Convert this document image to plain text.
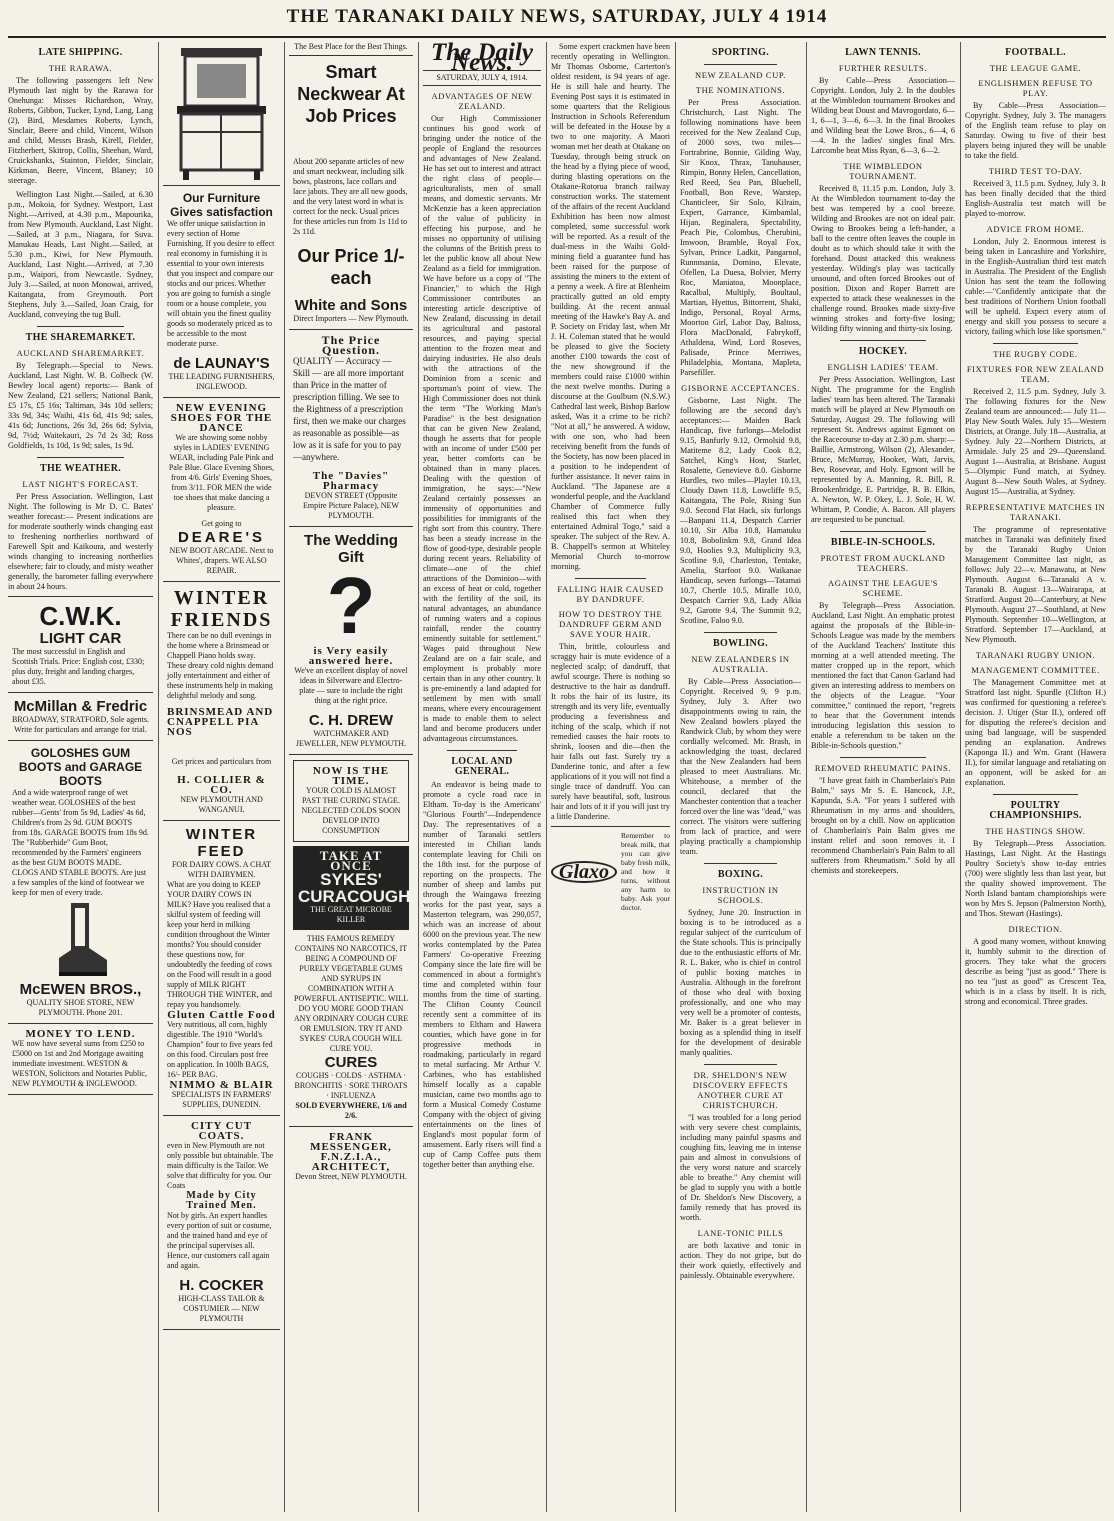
THE TARANAKI DAILY NEWS, SATURDAY, JULY 4 1914
LATE SHIPPING.
THE RARAWA.

The following passengers left New Plymouth last night by the Rarawa for Onehunga: Misses Richardson, Wray, Roberts, Gibbon, Tucker, Lynd, Lang, Lang (2), Bird, Mesdames Roberts, Lynch, Sinclair, Beere and child, Vincent, Wilson and child, Messrs Brash, Kirell, Fielder, Fitzherbert, Skitrop, Collis, Sheehan, Ward, Cruickshanks, Stainton, Fielder, Sinclair, Kirkman, Beere, Vincent, Blaney; 10 steerage.

Wellington Last Night.—Sailed, at 6.30 p.m., Mokoia, for Sydney. Westport, Last Night.—Arrived, at 4.30 p.m., Mapourika, from New Plymouth. Auckland, Last Night.—Sailed, at 3 p.m., Niagara, for Suva. Manukau Heads, Last Night.—Sailed, at 5.30 p.m., Kiwi, for New Plymouth. Auckland, Last Night.—Arrived, at 7.30 p.m., Waipori, from Newcastle. Sydney, July 3.—Sailed, at noon Monowai, arrived, Kaitangata, from Greymouth. Port Stephens, July 3.—Sailed, Joan Craig, for Auckland, conveying the tug Bull.

THE SHAREMARKET.
AUCKLAND SHAREMARKET.

By Telegraph.—Special to News. Auckland, Last Night. W. B. Colbeck (W. Bewley local agent) reports:— Bank of New Zealand, £21 sellers; National Bank, £5 17s, £5 16s; Taltiman, 34s 10d sellers; 33s 9d, 34s; Waihi, 41s 6d, 41s 9d; sales, 41s 6d; Junctions, 26s 3d, 26s 6d; Sylvia, 9d, 7½d; Waitekauri, 2s 7d 2s 3d; Ross Goldfields, 1s 10d, 1s 9d; sales, 1s 9d.

THE WEATHER.
LAST NIGHT'S FORECAST.

Per Press Association. Wellington, Last Night. The following is Mr D. C. Bates' weather forecast:— Present indications are for moderate southerly winds changing east to freshening northerlies northward of Farewell Spit and Kaikoura, and westerly winds changing to increasing northerlies elsewhere; fair to cloudy, and misty weather generally, the barometer falling everywhere in about 24 hours.

C.W.K.
LIGHT CAR
The most successful in English and Scottish Trials. Price: English cost, £330; plus duty, freight and landing charges, about £35.
McMillan & Fredric
BROADWAY, STRATFORD, Sole agents. Write for particulars and arrange for trial.
GOLOSHES GUM BOOTS and GARAGE BOOTS
And a wide waterproof range of wet weather wear. GOLOSHES of the best rubber—Gents' from 5s 9d, Ladies' 4s 6d, Children's from 2s 9d. GUM BOOTS from 18s. GARAGE BOOTS from 18s 9d. The "Rubberhide" Gum Boot, recommended by the Farmers' engineers as the best GUM BOOTS MADE. CLOGS AND STABLE BOOTS. Are just a few samples of the kind of footwear we keep for men of every trade.
McEWEN BROS.,
QUALITY SHOE STORE, NEW PLYMOUTH. Phone 201.
MONEY TO LEND.
WE now have several sums from £250 to £5000 on 1st and 2nd Mortgage awaiting immediate investment. WESTON & WESTON, Solicitors and Notaries Public, NEW PLYMOUTH & INGLEWOOD.
Our Furniture Gives satisfaction
We offer unique satisfaction in every section of Home Furnishing. If you desire to effect real economy in furnishing it is essential to your own interests that you inspect and compare our stocks and our prices. Whether you are going to furnish a single room or a house complete, you will obtain you the finest quality goods so moderately priced as to be accessible to the most moderate purse.
de LAUNAY'S
THE LEADING FURNISHERS, INGLEWOOD.
NEW EVENING SHOES FOR THE DANCE
We are showing some nobby styles in LADIES' EVENING WEAR, including Pale Pink and Pale Blue. Glace Evening Shoes, from 4/6. Girls' Evening Shoes, from 3/11. FOR MEN the wide toe shoes that make dancing a pleasure.
Get going to
DEARE'S
NEW BOOT ARCADE. Next to Whites', drapers. WE ALSO REPAIR.
WINTER FRIENDS
There can be no dull evenings in the home where a Brinsmead or Chappell Piano holds sway. These dreary cold nights demand jolly entertainment and either of these instruments help in making delightful melody and song.
BRINSMEAD AND CNAPPELL PIA NOS
Get prices and particulars from
H. COLLIER & CO.
NEW PLYMOUTH AND WANGANUI.
WINTER FEED
FOR DAIRY COWS. A CHAT WITH DAIRYMEN.
What are you doing to KEEP YOUR DAIRY COWS IN MILK? Have you realised that a skilful system of feeding will keep your herd in milking condition throughout the Winter months? You should consider these questions now, for undoubtedly the feeding of cows on the Food will result in a good supply of MILK RIGHT THROUGH THE WINTER, and repay you handsomely.
Gluten Cattle Food
Very nutritious, all corn, highly digestible. The 1910 "World's Champion" four to five years fed on this food. Circulars post free on application. In 100lb BAGS, 16/- PER BAG.
NIMMO & BLAIR
SPECIALISTS IN FARMERS' SUPPLIES, DUNEDIN.
CITY CUT COATS.
even in New Plymouth are not only possible but obtainable. The main difficulty is the Tailor. We solve that difficulty for you. Our Coats
Made by City Trained Men.
Not by girls. An expert handles every portion of suit or costume, and the trained hand and eye of the principal supervises all. Hence, our customers call again and again.
H. COCKER
HIGH-CLASS TAILOR & COSTUMIER — NEW PLYMOUTH
The Best Place for the Best Things.
Smart Neckwear At Job Prices
About 200 separate articles of new and smart neckwear, including silk bows, plastrons, lace collars and lace jabots. They are all new goods, and the very latest word in what is correct for the neck. Usual prices for these articles run from 1s 11d to 2s 11d.
Our Price 1/- each
White and Sons
Direct Importers — New Plymouth.
The Price Question.
QUALITY — Accuracy — Skill — are all more important than Price in the matter of prescription filling. We see to the Rightness of a prescription first, then we make our charges as reasonable as possible—as low as it is safe for you to pay—anywhere.
The "Davies" Pharmacy
DEVON STREET (Opposite Empire Picture Palace), NEW PLYMOUTH.
The Wedding Gift
?
is Very easily answered here.
We've an excellent display of novel ideas in Silverware and Electro-plate — sure to include the right thing at the right price.
C. H. DREW
WATCHMAKER AND JEWELLER, NEW PLYMOUTH.
NOW IS THE TIME.
YOUR COLD IS ALMOST PAST THE CURING STAGE. NEGLECTED COLDS SOON DEVELOP INTO CONSUMPTION
TAKE AT ONCE
SYKES' CURACOUGH
THE GREAT MICROBE KILLER
THIS FAMOUS REMEDY CONTAINS NO NARCOTICS, IT BEING A COMPOUND OF PURELY VEGETABLE GUMS AND SYRUPS IN COMBINATION WITH A POWERFUL ANTISEPTIC. WILL DO YOU MORE GOOD THAN ANY ORDINARY COUGH CURE OR EMULSION. TRY IT AND SYKES' CURA COUGH WILL CURE YOU.
CURES
COUGHS · COLDS · ASTHMA · BRONCHITIS · SORE THROATS · INFLUENZA
SOLD EVERYWHERE, 1/6 and 2/6.
FRANK MESSENGER, F.N.Z.I.A., ARCHITECT,
Devon Street, NEW PLYMOUTH.
The Daily News.
SATURDAY, JULY 4, 1914.
ADVANTAGES OF NEW ZEALAND.

Our High Commissioner continues his good work of bringing under the notice of the people of England the resources and advantages of New Zealand. He has set out to interest and attract the right class of people—agriculturalists, men of small means, and domestic servants. Mr McKenzie has a keen appreciation of the value of publicity in effecting his purpose, and he misses no opportunity of utilising the columns of the British press to let the public know all about New Zealand as a field for immigration. We have before us a copy of "The Financier," to which the High Commissioner contributes an interesting article descriptive of New Zealand, discussing in detail its agricultural and pastoral resources, and paying special attention to the frozen meat and dairying industries. He also deals with the attractions of the Dominion from a scenic and sportsman's point of view. The High Commissioner does not think the term "The Working Man's Paradise" is the best designation that can be given New Zealand, though he asserts that for people with an income of under £500 per year, better comforts can be obtained than in many places. Dealing with the question of immigration, he says:—"New Zealand certainly possesses an immensity of opportunities and possibilities for immigrants of the right sort from this country. There has been a steady increase in the flow of good-type, desirable people during recent years. Reliability of climate—one of the chief attractions of the Dominion—with an excess of heat or cold, together with the fertility of the soil, its natural advantages, an abundance of running waters and a copious rainfall, render the country eminently suitable for settlement." Wages paid throughout New Zealand are on a fair scale, and employment is probably more certain than in any other country. It is pre-eminently a land adapted for settlement by men with small means, where every encouragement is made to enable them to select land and become producers under advantageous circumstances.

LOCAL AND GENERAL.

An endeavor is being made to promote a cycle road race in Eltham. To-day is the Americans' "Glorious Fourth"—Independence Day. The representatives of a number of Taranaki settlers interested in Chilian lands contemplate leaving for Chili on the 18th inst. for the purpose of reporting on the prospects. The number of sheep and lambs put through the Waingawa freezing works for the past year, says a Masterton telegram, was 290,057, which was an increase of about 6000 on the previous year. The new works contemplated by the Patea Farmers' Co-operative Freezing Company since the late fire will be commenced in about a fortnight's time and completed within four months from the time of starting. The Clifton County Council recently sent a committee of its members to Eltham and Hawera counties, which have gone in for progressive methods in roadmaking, particularly in regard to metal surfacing. Mr Arthur V. Carbines, who has established himself locally as a capable musician, came two months ago to form a Musical Comedy Costume Company with the object of giving entertainments on the lines of England's most popular form of amusement. Early risers will find a cup of Camp Coffee puts them together better than anything else.

Some expert crackmen have been recently operating in Wellington. Mr Thomas Osborne, Carterton's oldest resident, is 94 years of age. He is still hale and hearty. The Evening Post says it is estimated in some quarters that the Religious Instruction in Schools Referendum will be defeated in the House by a two to one majority. A Maori woman met her death at Otakane on Tuesday, through being struck on the head by a flying piece of wood, during blasting operations on the Otakane-Rotorua branch railway construction works. The statement of the affairs of the recent Auckland Exhibition has been now almost completed, some successful work will be reported. As a result of the dual-mess in the Waihi Gold-mining field a guarantee fund has been raised for the purpose of assisting the miners to the extent of a penny a week. A fire at Blenheim practically gutted an old empty building. At the recent annual meeting of the Hawke's Bay A. and P. Society on Friday last, when Mr J. H. Coleman stated that he would be pleased to give the Society another £100 towards the cost of the new showground if the members could raise £1000 within the next twelve months. During a discourse at the Goulburn (N.S.W.) Cathedral last week, Bishop Barlow asked, Was it a crime to be rich? "Not at all," he answered. A widow, with one son, who had been receiving benefit from the funds of the Society, has now been placed in a position to be independent of further assistance. It never rains in Auckland. "The Japanese are a wonderful people, and the Auckland Chamber of Commerce fully realised this fact when they entertained Admiral Togo," said a speaker. The subject of the Rev. A. B. Chappell's sermon at Whiteley Memorial Church to-morrow morning.

FALLING HAIR CAUSED BY DANDRUFF.
HOW TO DESTROY THE DANDRUFF GERM AND SAVE YOUR HAIR.

Thin, brittle, colourless and scraggy hair is mute evidence of a neglected scalp; of dandruff, that awful scourge. There is nothing so destructive to the hair as dandruff. It robs the hair of its lustre, its strength and its very life, eventually producing a feverishness and itching of the scalp, which if not remedied causes the hair roots to shrink, loosen and die—then the hair falls out fast. Surely try a Danderine tonic, and after a few applications of it you will not find a single trace of dandruff. You can surely have beautiful, soft, lustrous hair and lots of it if you will just try a little Danderine.

Glaxo
Remember to break milk, that you can give baby fresh milk, and how it turns, without any harm to baby. Ask your doctor.
SPORTING.
NEW ZEALAND CUP.
THE NOMINATIONS.

Per Press Association. Christchurch, Last Night. The following nominations have been received for the New Zealand Cup, of 2000 sovs, two miles—Fortrabrine, Bonnie, Gilding Way, Sir Knox, Thrax, Tanuhauser, Rimpin, Bonny Helen, Cancellation, Red Reed, Sea Pan, Bluebell, Football, Bon Reve, Warstep, Chanticleer, Sir Solo, Kilrain, Expert, Garrance, Kimbamlal, Hijan, Reginalera, Spectability, Peach Pie, Colombus, Cherubini, Imwoon, Bramble, Royal Fox, Sylvan, Prince Ladkit, Pangarnol, Runnmania, Domino, Elevate, Ofellen, La Duesa, Bolvier, Merry Roc, Maniatoa, Moonplace, Racalbal, Multiply, Boultaul, Martian, Hyettus, Bittorrent, Shaki, Indigo, Personal, Royal Arms, Moorton Girl, Labor Day, Baltoss, Flora MacDonald, Fabrykoff, Athaldena, Wind, Lord Roseves, Palisade, Prince Merriwes, Philadelphia, Montana, Mapleta, Parsefiller.

GISBORNE ACCEPTANCES.

Gisborne, Last Night. The following are the second day's acceptances:— Maiden Back Handicap, five furlongs—Melodist 9.15, Banfurly 9.12, Ormolsid 9.8, Matiteme 8.2, Lady Cook 8.2, Satchel, King's Host, Starlet, Rosalette, Genevieve 8.0. Gisborne Hurdles, two miles—Playlet 10.13, Cloudy Dawn 11.8, Lowcliffe 9.5, Kaitangata, The Pole, Rising Sun 9.0. Second Flat Hack, six furlongs—Banpani 11.4, Despatch Carrier 10.10, Sir Alba 10.8, Hamatuku 10.8, Bobolinkm 9.8, Grand Idea 9.0, Hoolies 9.3, Multiplicity 9.3, Scotline 9.0, Charleston, Tentake, Amelia, Starfoot 9.0. Waikanae Handicap, seven furlongs—Tatamai 10.7, Chertle 10.5, Miralle 10.0, Despatch Carrier 9.8, Lady Alkia 9.2, Garotte 9.4, The Summit 9.2, Scotline, Faloo 9.0.

BOWLING.
NEW ZEALANDERS IN AUSTRALIA.

By Cable—Press Association—Copyright. Received 9, 9 p.m. Sydney, July 3. After two disappointments owing to rain, the New Zealand bowlers played the Randwick Club, by whom they were cordially welcomed. Mr. Brash, in acknowledging the toast, declared that the New Zealanders had been pleased to meet Australians. Mr. Whitehouse, a member of the council, declared that the Manchester contention that a teacher forced over the line was "dead," was correct. The visitors were suffering from lack of practice, and were playing practically a championship team.

BOXING.
INSTRUCTION IN SCHOOLS.

Sydney, June 20. Instruction in boxing is to be introduced as a regular subject of the curriculum of the State schools. This is principally due to the enthusiastic efforts of Mr. R. L. Baker, who is chief in control of public boxing matches in Australia. Although in the forefront of those who deal with boxing professionally, and one who may very well be a promoter of contests, Mr. Baker is a great believer in boxing as a splendid thing in itself for the development of desirable manly qualities.

DR. SHELDON'S NEW DISCOVERY EFFECTS ANOTHER CURE AT CHRISTCHURCH.

"I was troubled for a long period with very severe chest complaints, including many painful spasms and coughing fits, leaving me in intense pain and almost in convulsions of the very worst nature and scarcely able to breathe." Any chemist will be glad to supply you with a bottle of Dr. Sheldon's New Discovery, a family remedy that has proved its worth.

LANE-TONIC PILLS

are both laxative and tonic in action. They do not gripe, but do their work quietly, effectively and painlessly. Obtainable everywhere.

LAWN TENNIS.
FURTHER RESULTS.

By Cable—Press Association—Copyright. London, July 2. In the doubles at the Wimbledon tournament Brookes and Wilding beat Doust and Mavrogordato, 6—1, 6—1, 3—6, 6—3. In the final Brookes and Wilding beat the Lowe Bros., 6—4, 6—4. In the ladies' singles final Mrs. Larcombe beat Miss Ryan, 6—3, 6—2.

THE WIMBLEDON TOURNAMENT.

Received 8, 11.15 p.m. London, July 3. At the Wimbledon tournament to-day the best was tempered by a cool breeze. Wilding and Brookes are not on ideal pair. Owing to Brookes being a left-hander, a ball to the centre often leaves the couple in doubt as to which should take it with the forehand. Doust attacked this weakness yesterday. Wilding's play was tactically unsound, and often forced Brookes out of position. Dixon and Roper Barrett are expected to attack these weaknesses in the challenge round. Brookes made sixty-five winning strokes and forty-five losing; Wilding fifty winning and thirty-six losing.

HOCKEY.
ENGLISH LADIES' TEAM.

Per Press Association. Wellington, Last Night. The programme for the English ladies' team has been altered. The Taranaki match will be played at New Plymouth on Saturday, August 29. The following will represent St. Andrews against Egmont on the Racecourse to-day at 2.30 p.m. sharp:—Baillie, Armstrong, Wilson (2), Alexander, Bruce, McMurray, Hooker, Watt, Jarvis, Bev, Rosevear, and Holy. Egmont will be represented by A. Manning, R. Bill, R. Brookenbridge, E. Partridge, R. B. Elkin, A. Newton, W. P. Okey, L. J. Sole, H. W. Whittam, P. Condie, A. Bacon. All players are requested to be punctual.

BIBLE-IN-SCHOOLS.
PROTEST FROM AUCKLAND TEACHERS.
AGAINST THE LEAGUE'S SCHEME.

By Telegraph—Press Association. Auckland, Last Night. An emphatic protest against the proposals of the Bible-in-Schools League was made by the members of the Auckland Teachers' Institute this morning at a well attended meeting. The matter cropped up in the report, which mentioned the fact that Canon Garland had given an interesting address to members on the objects of the League. "Your committee," continued the report, "regrets to hear that the Government intends introducing legislation this session to enable a referendum to be taken on the Bible-in-Schools question."

REMOVED RHEUMATIC PAINS.

"I have great faith in Chamberlain's Pain Balm," says Mr S. E. Hancock, J.P., Kapunda, S.A. "For years I suffered with Rheumatism in my arms and shoulders, brought on by a chill. Now on application of Chamberlain's Pain Balm gives me instant relief and soon removes it. I recommend Chamberlain's Pain Balm to all sufferers from Rheumatism." Sold by all chemists and storekeepers.

FOOTBALL.
THE LEAGUE GAME.
ENGLISHMEN REFUSE TO PLAY.

By Cable—Press Association—Copyright. Sydney, July 3. The managers of the English team refuse to play on Saturday. Owing to five of their best players being injured they will be unable to take the field.

THIRD TEST TO-DAY.

Received 3, 11.5 p.m. Sydney, July 3. It has been finally decided that the third English-Australia test match will be played to-morrow.

ADVICE FROM HOME.

London, July 2. Enormous interest is being taken in Lancashire and Yorkshire, in the English-Australian third test match in Australia. The President of the English Union has sent the team the following cable:—"Confidently anticipate that the best traditions of Northern Union football will be upheld. Expect every atom of energy and skill you possess to secure a victory, failing which lose like sportsmen."

THE RUGBY CODE.
FIXTURES FOR NEW ZEALAND TEAM.

Received 2, 11.5 p.m. Sydney, July 3. The following fixtures for the New Zealand team are announced:— July 11—Play New South Wales. July 15—Western Districts, at Orange. July 18—Australia, at Sydney. July 22—Northern Districts, at Armidale. July 25 and 29—Queensland. August 1—Australia, at Brisbane. August 5—Olympic Fund match, at Sydney. August 8—New South Wales, at Sydney. August 15—Australia, at Sydney.

REPRESENTATIVE MATCHES IN TARANAKI.

The programme of representative matches in Taranaki was definitely fixed by the Taranaki Rugby Union Management Committee last night, as follows: July 22—v. Manawatu, at New Plymouth. August 6—Taranaki A v. Taranaki B. August 13—Wairarapa, at Stratford. August 20—Canterbury, at New Plymouth. August 27—Southland, at New Plymouth. September 10—Wellington, at Stratford. September 17—Auckland, at New Plymouth.

TARANAKI RUGBY UNION.
MANAGEMENT COMMITTEE.

The Management Committee met at Stratford last night. Spurdle (Clifton H.) was confirmed for questioning a referee's decision. J. Utiger (Star II.), ordered off for disputing the referee's decision and using bad language, will be suspended pending an explanation. Andrews (Kaponga II.) and Wm. Grant (Hawera II.), for similar language and retaliating on an opponent, will be asked for an explanation.

POULTRY CHAMPIONSHIPS.
THE HASTINGS SHOW.

By Telegraph—Press Association. Hastings, Last Night. At the Hastings Poultry Society's show to-day entries (700) were slightly less than last year, but the quality showed improvement. The North Island bantam championships were won by Mrs S. Jepson (Palmerston North), and Thos. Stewart (Hastings).

DIRECTION.

A good many women, without knowing it, humbly submit to the direction of grocers. They take what the grocers describe as being "just as good." There is no tea "just as good" as Crescent Tea, which is in a class by itself. It is rich, strong and economical. Three grades.
